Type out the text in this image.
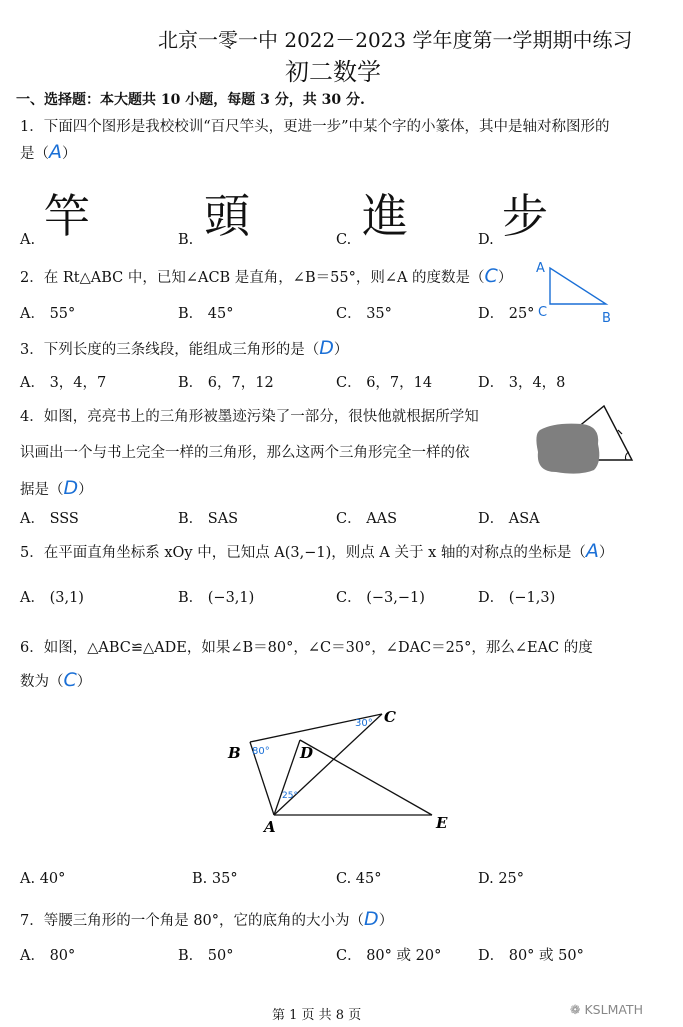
北京一零一中 2022－2023 学年度第一学期期中练习
初二数学
一、选择题：本大题共 10 小题，每题 3 分，共 30 分.
1．下面四个图形是我校校训“百尺竿头，更进一步”中某个字的小篆体，其中是轴对称图形的
是（A）
竿 頭 進 步
A.	B.	C.	D.
2．在 Rt△ABC 中，已知∠ACB 是直角，∠B＝55°，则∠A 的度数是（C）
A
C	B
A． 55°	B． 45°	C． 35°	D． 25°
3．下列长度的三条线段，能组成三角形的是（D）
A． 3，4，7	B． 6，7，12	C． 6，7，14	D． 3，4，8
4．如图，亮亮书上的三角形被墨迹污染了一部分，很快他就根据所学知
识画出一个与书上完全一样的三角形，那么这两个三角形完全一样的依
据是（D）
A． SSS	B． SAS	C． AAS	D． ASA
5．在平面直角坐标系 xOy 中，已知点 A(3,−1)，则点 A 关于 x 轴的对称点的坐标是（A）
A． (3,1)	B． (−3,1)	C． (−3,−1)	D． (−1,3)
6．如图，△ABC≌△ADE，如果∠B＝80°，∠C＝30°，∠DAC＝25°，那么∠EAC 的度
数为（C）
B
C
D
A	E
80°
30°
25°
A. 40°	B. 35°	C. 45°	D. 25°
7．等腰三角形的一个角是 80°，它的底角的大小为（D）
A． 80°	B． 50°	C． 80° 或 20°	D． 80° 或 50°
第 1 页 共 8 页	❁ KSLMATH
